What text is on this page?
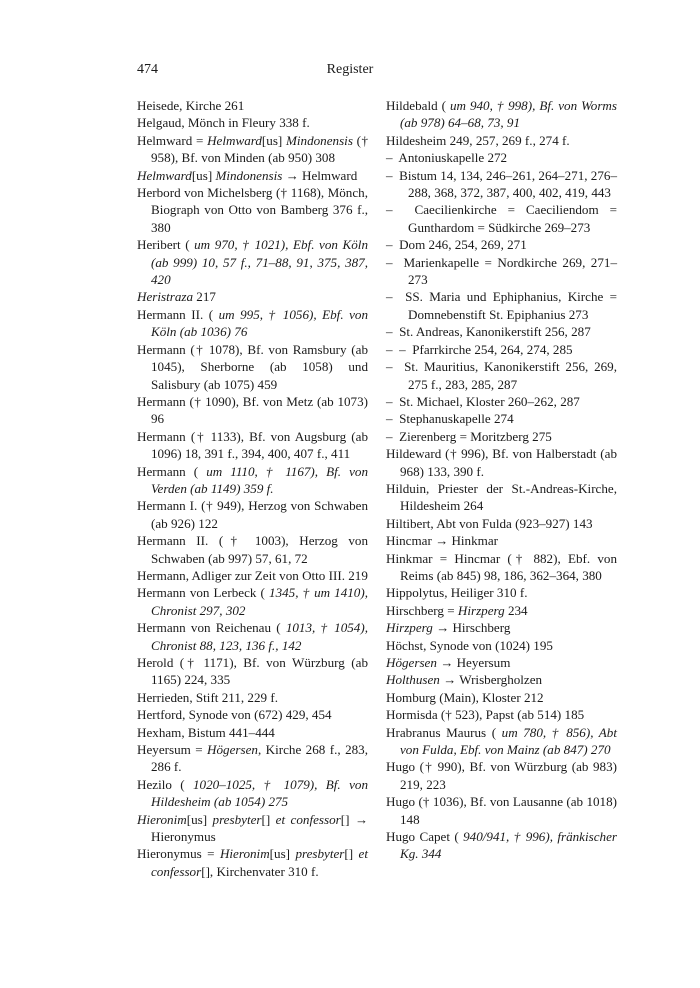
474	Register

Heisede, Kirche 261

Helgaud, Mönch in Fleury 338 f.

Helmward = Helmward[us] Mindonensis († 958), Bf. von Minden (ab 950) 308

Helmward[us] Mindonensis → Helmward

Herbord von Michelsberg († 1168), Mönch, Biograph von Otto von Bamberg 376 f., 380

Heribert ( um 970, † 1021), Ebf. von Köln (ab 999) 10, 57 f., 71–88, 91, 375, 387, 420

Heristraza 217

Hermann II. ( um 995, † 1056), Ebf. von Köln (ab 1036) 76

Hermann († 1078), Bf. von Ramsbury (ab 1045), Sherborne (ab 1058) und Salisbury (ab 1075) 459

Hermann († 1090), Bf. von Metz (ab 1073) 96

Hermann († 1133), Bf. von Augsburg (ab 1096) 18, 391 f., 394, 400, 407 f., 411

Hermann ( um 1110, † 1167), Bf. von Verden (ab 1149) 359 f.

Hermann I. († 949), Herzog von Schwaben (ab 926) 122

Hermann II. († 1003), Herzog von Schwaben (ab 997) 57, 61, 72

Hermann, Adliger zur Zeit von Otto III. 219

Hermann von Lerbeck ( 1345, † um 1410), Chronist 297, 302

Hermann von Reichenau ( 1013, † 1054), Chronist 88, 123, 136 f., 142

Herold († 1171), Bf. von Würzburg (ab 1165) 224, 335

Herrieden, Stift 211, 229 f.

Hertford, Synode von (672) 429, 454

Hexham, Bistum 441–444

Heyersum = Högersen, Kirche 268 f., 283, 286 f.

Hezilo ( 1020–1025, † 1079), Bf. von Hildesheim (ab 1054) 275

Hieronim[us] presbyter[] et confessor[] → Hieronymus

Hieronymus = Hieronim[us] presbyter[] et confessor[], Kirchenvater 310 f.

Hildebald ( um 940, † 998), Bf. von Worms (ab 978) 64–68, 73, 91

Hildesheim 249, 257, 269 f., 274 f.

–  Antoniuskapelle 272

–  Bistum 14, 134, 246–261, 264–271, 276–288, 368, 372, 387, 400, 402, 419, 443

–  Caecilienkirche = Caeciliendom = Gunthardom = Südkirche 269–273

–  Dom 246, 254, 269, 271

–  Marienkapelle = Nordkirche 269, 271–273

–  SS. Maria und Ephiphanius, Kirche = Domnebenstift St. Epiphanius 273

–  St. Andreas, Kanonikerstift 256, 287

–  –  Pfarrkirche 254, 264, 274, 285

–  St. Mauritius, Kanonikerstift 256, 269, 275 f., 283, 285, 287

–  St. Michael, Kloster 260–262, 287

–  Stephanuskapelle 274

–  Zierenberg = Moritzberg 275

Hildeward († 996), Bf. von Halberstadt (ab 968) 133, 390 f.

Hilduin, Priester der St.-Andreas-Kirche, Hildesheim 264

Hiltibert, Abt von Fulda (923–927) 143

Hincmar → Hinkmar

Hinkmar = Hincmar († 882), Ebf. von Reims (ab 845) 98, 186, 362–364, 380

Hippolytus, Heiliger 310 f.

Hirschberg = Hirzperg 234

Hirzperg → Hirschberg

Höchst, Synode von (1024) 195

Högersen → Heyersum

Holthusen → Wrisbergholzen

Homburg (Main), Kloster 212

Hormisda († 523), Papst (ab 514) 185

Hrabranus Maurus ( um 780, † 856), Abt von Fulda, Ebf. von Mainz (ab 847) 270

Hugo († 990), Bf. von Würzburg (ab 983) 219, 223

Hugo († 1036), Bf. von Lausanne (ab 1018) 148

Hugo Capet ( 940/941, † 996), fränkischer Kg. 344
